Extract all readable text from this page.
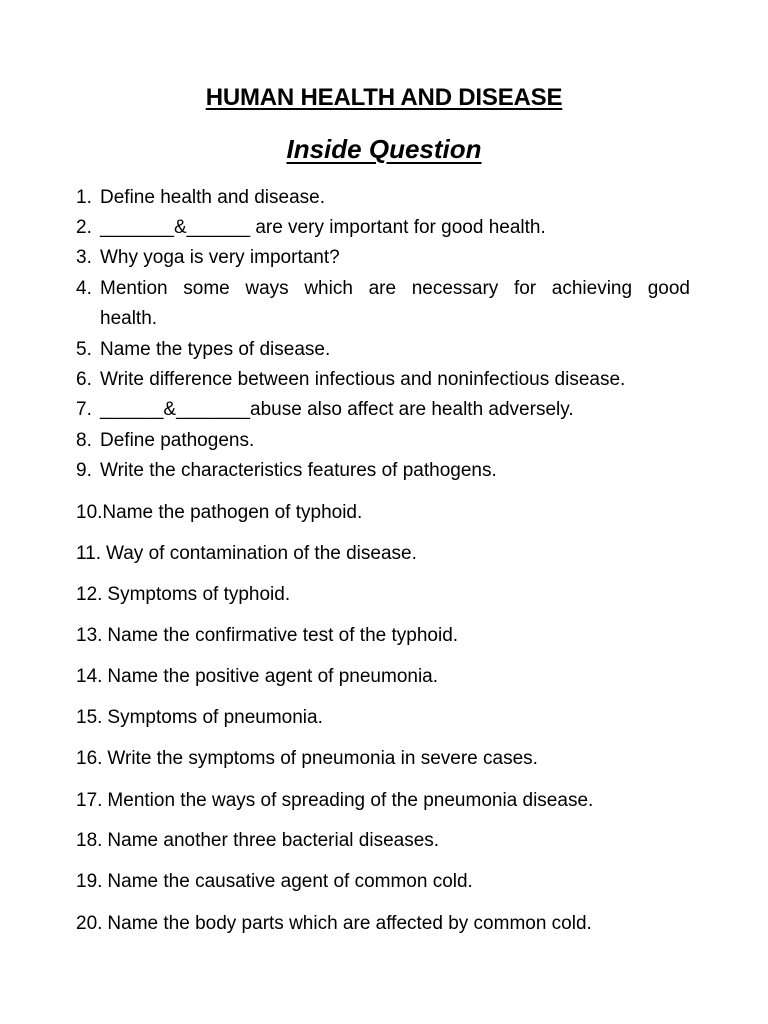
HUMAN HEALTH AND DISEASE
Inside Question
1. Define health and disease.
2. _______&______ are very important for good health.
3. Why yoga is very important?
4. Mention some ways which are necessary for achieving good
health.
5. Name the types of disease.
6. Write difference between infectious and noninfectious disease.
7. ______&_______abuse also affect are health adversely.
8. Define pathogens.
9. Write the characteristics features of pathogens.
10.Name the pathogen of typhoid.
11. Way of contamination of the disease.
12. Symptoms of typhoid.
13. Name the confirmative test of the typhoid.
14. Name the positive agent of pneumonia.
15. Symptoms of pneumonia.
16. Write the symptoms of pneumonia in severe cases.
17. Mention the ways of spreading of the pneumonia disease.
18. Name another three bacterial diseases.
19. Name the causative agent of common cold.
20. Name the body parts which are affected by common cold.
